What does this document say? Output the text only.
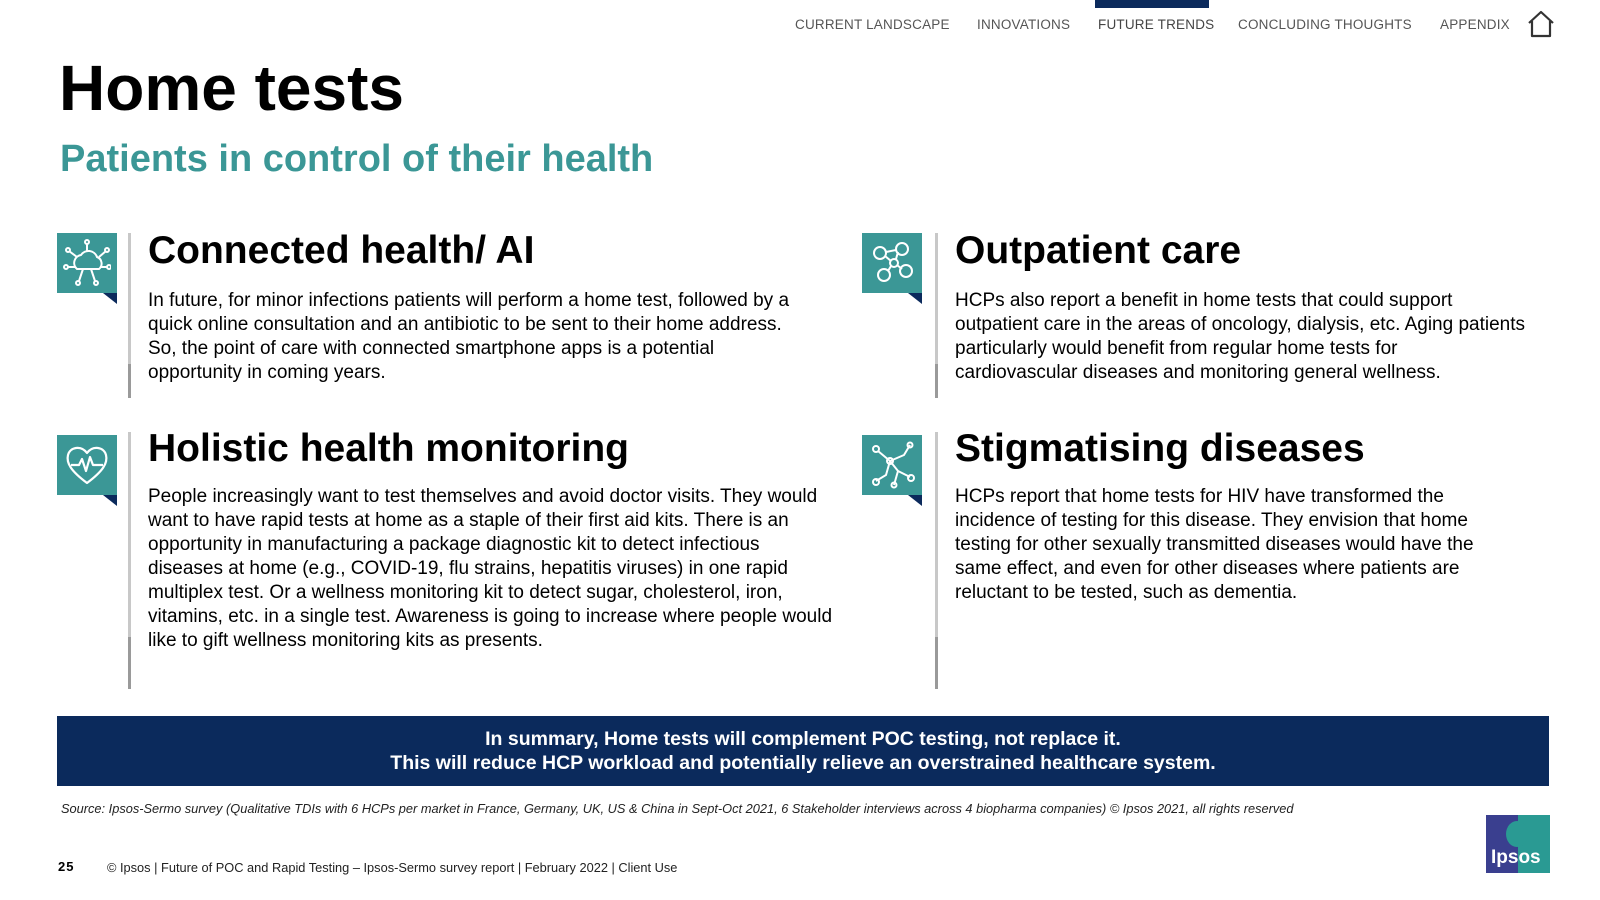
CURRENT LANDSCAPE INNOVATIONS FUTURE TRENDS CONCLUDING THOUGHTS APPENDIX
Home tests
Patients in control of their health
Connected health/ AI

In future, for minor infections patients will perform a home test, followed by a quick online consultation and an antibiotic to be sent to their home address. So, the point of care with connected smartphone apps is a potential opportunity in coming years.

Outpatient care

HCPs also report a benefit in home tests that could support outpatient care in the areas of oncology, dialysis, etc. Aging patients particularly would benefit from regular home tests for cardiovascular diseases and monitoring general wellness.

Holistic health monitoring

People increasingly want to test themselves and avoid doctor visits. They would want to have rapid tests at home as a staple of their first aid kits. There is an opportunity in manufacturing a package diagnostic kit to detect infectious diseases at home (e.g., COVID-19, flu strains, hepatitis viruses) in one rapid multiplex test. Or a wellness monitoring kit to detect sugar, cholesterol, iron, vitamins, etc. in a single test. Awareness is going to increase where people would like to gift wellness monitoring kits as presents.

Stigmatising diseases

HCPs report that home tests for HIV have transformed the incidence of testing for this disease. They envision that home testing for other sexually transmitted diseases would have the same effect, and even for other diseases where patients are reluctant to be tested, such as dementia.

In summary, Home tests will complement POC testing, not replace it.
This will reduce HCP workload and potentially relieve an overstrained healthcare system.
Source: Ipsos-Sermo survey (Qualitative TDIs with 6 HCPs per market in France, Germany, UK, US & China in Sept-Oct 2021, 6 Stakeholder interviews across 4 biopharma companies) © Ipsos 2021, all rights reserved
25	© Ipsos | Future of POC and Rapid Testing – Ipsos-Sermo survey report | February 2022 | Client Use	Ipsos
